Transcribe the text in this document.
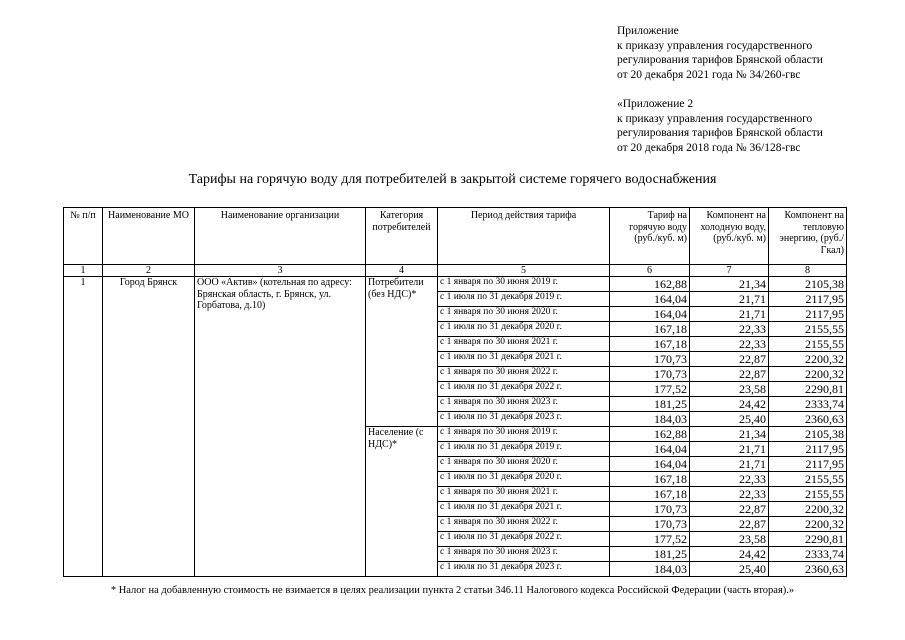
Приложение
к приказу управления государственного
регулирования тарифов Брянской области
от 20 декабря 2021 года № 34/260-гвс
«Приложение 2
к приказу управления государственного
регулирования тарифов Брянской области
от 20 декабря 2018 года № 36/128-гвс
Тарифы на горячую воду для потребителей в закрытой системе горячего водоснабжения
№ п/п	Наименование МО	Наименование организации	Категория потребителей	Период действия тарифа	Тариф на горячую воду (руб./куб. м)	Компонент на холодную воду, (руб./куб. м)	Компонент на тепловую энергию, (руб./Гкал)
1	2	3	4	5	6	7	8
1	Город Брянск	ООО «Актив» (котельная по адресу: Брянская область, г. Брянск, ул. Горбатова, д.10)	Потребители (без НДС)*	с 1 января по 30 июня 2019 г.	162,88	21,34	2105,38
				с 1 июля по 31 декабря 2019 г.	164,04	21,71	2117,95
				с 1 января по 30 июня 2020 г.	164,04	21,71	2117,95
				с 1 июля по 31 декабря 2020 г.	167,18	22,33	2155,55
				с 1 января по 30 июня 2021 г.	167,18	22,33	2155,55
				с 1 июля по 31 декабря 2021 г.	170,73	22,87	2200,32
				с 1 января по 30 июня 2022 г.	170,73	22,87	2200,32
				с 1 июля по 31 декабря 2022 г.	177,52	23,58	2290,81
				с 1 января по 30 июня 2023 г.	181,25	24,42	2333,74
				с 1 июля по 31 декабря 2023 г.	184,03	25,40	2360,63
			Население (с НДС)*	с 1 января по 30 июня 2019 г.	162,88	21,34	2105,38
				с 1 июля по 31 декабря 2019 г.	164,04	21,71	2117,95
				с 1 января по 30 июня 2020 г.	164,04	21,71	2117,95
				с 1 июля по 31 декабря 2020 г.	167,18	22,33	2155,55
				с 1 января по 30 июня 2021 г.	167,18	22,33	2155,55
				с 1 июля по 31 декабря 2021 г.	170,73	22,87	2200,32
				с 1 января по 30 июня 2022 г.	170,73	22,87	2200,32
				с 1 июля по 31 декабря 2022 г.	177,52	23,58	2290,81
				с 1 января по 30 июня 2023 г.	181,25	24,42	2333,74
				с 1 июля по 31 декабря 2023 г.	184,03	25,40	2360,63
* Налог на добавленную стоимость не взимается в целях реализации пункта 2 статьи 346.11 Налогового кодекса Российской Федерации (часть вторая).»
